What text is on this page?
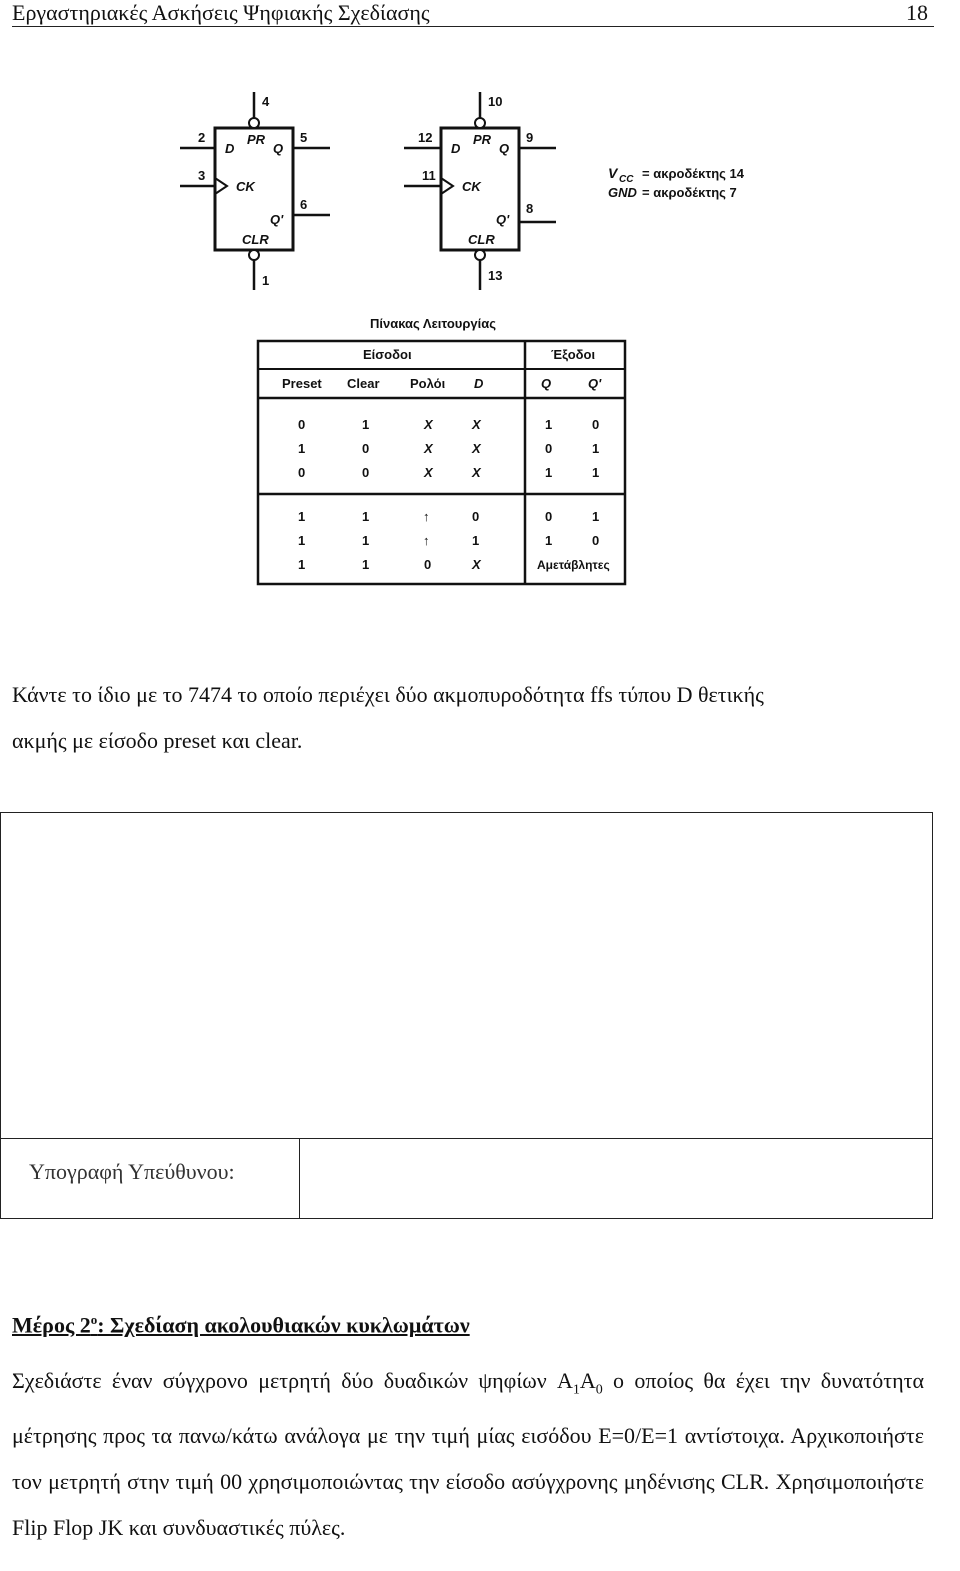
Εργαστηριακές Ασκήσεις Ψηφιακής Σχεδίασης	18
4
2
3
5
6
1
PR
D	Q
CK
Q'
CLR
10
12
11
9
8
13
PR
D	Q
CK
Q'
CLR
V CC = ακροδέκτης 14
GND = ακροδέκτης 7
Πίνακας Λειτουργίας
Είσοδοι	Έξοδοι
Preset Clear Ρολόι D	Q	Q'
0	1	X	X	1	0
1	0	X	X	0	1
0	0	X	X	1	1
1	1	↑	0	0	1
1	1	↑	1	1	0
1	1	0	X	Αμετάβλητες
Κάντε το ίδιο με το 7474 το οποίο περιέχει δύο ακμοπυροδότητα ffs τύπου D θετικής
ακμής με είσοδο preset και clear.
Υπογραφή Υπεύθυνου:
Μέρος $2^o$: Σχεδίαση ακολουθιακών κυκλωμάτων
Σχεδιάστε έναν σύγχρονο μετρητή δύο δυαδικών ψηφίων $A_1A_0$ ο οποίος θα έχει την δυνατότητα μέτρησης προς τα πανω/κάτω ανάλογα με την τιμή μίας εισόδου E=0/E=1 αντίστοιχα. Αρχικοποιήστε τον μετρητή στην τιμή 00 χρησιμοποιώντας την είσοδο ασύγχρονης μηδένισης CLR. Χρησιμοποιήστε Flip Flop JK και συνδυαστικές πύλες.
